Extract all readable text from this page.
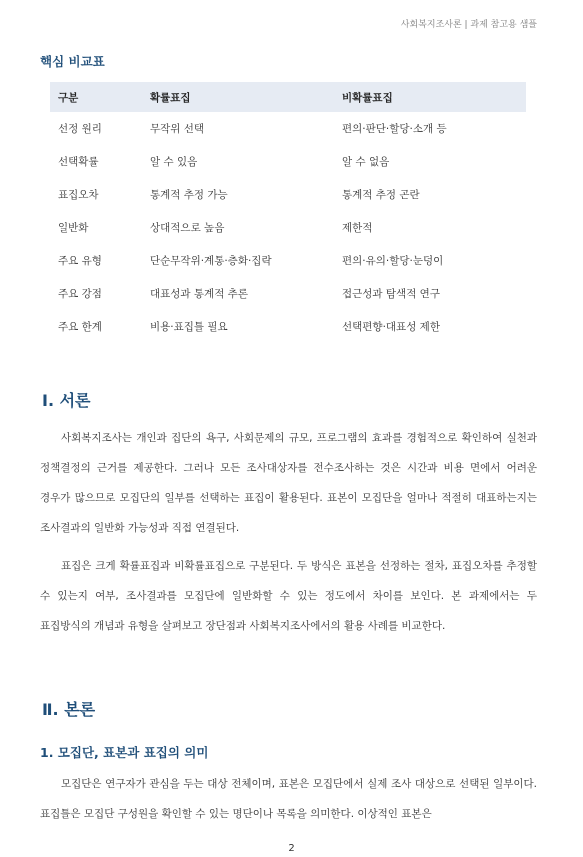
사회복지조사론 | 과제 참고용 샘플
핵심 비교표
구분	확률표집	비확률표집
선정 원리	무작위 선택	편의·판단·할당·소개 등
선택확률	알 수 있음	알 수 없음
표집오차	통계적 추정 가능	통계적 추정 곤란
일반화	상대적으로 높음	제한적
주요 유형	단순무작위·계통·층화·집락	편의·유의·할당·눈덩이
주요 강점	대표성과 통계적 추론	접근성과 탐색적 연구
주요 한계	비용·표집틀 필요	선택편향·대표성 제한
Ⅰ. 서론

사회복지조사는 개인과 집단의 욕구, 사회문제의 규모, 프로그램의 효과를 경험적으로 확인하여 실천과 정책결정의 근거를 제공한다. 그러나 모든 조사대상자를 전수조사하는 것은 시간과 비용 면에서 어려운 경우가 많으므로 모집단의 일부를 선택하는 표집이 활용된다. 표본이 모집단을 얼마나 적절히 대표하는지는 조사결과의 일반화 가능성과 직접 연결된다.

표집은 크게 확률표집과 비확률표집으로 구분된다. 두 방식은 표본을 선정하는 절차, 표집오차를 추정할 수 있는지 여부, 조사결과를 모집단에 일반화할 수 있는 정도에서 차이를 보인다. 본 과제에서는 두 표집방식의 개념과 유형을 살펴보고 장단점과 사회복지조사에서의 활용 사례를 비교한다.

Ⅱ. 본론
1. 모집단, 표본과 표집의 의미

모집단은 연구자가 관심을 두는 대상 전체이며, 표본은 모집단에서 실제 조사 대상으로 선택된 일부이다. 표집틀은 모집단 구성원을 확인할 수 있는 명단이나 목록을 의미한다. 이상적인 표본은

2
